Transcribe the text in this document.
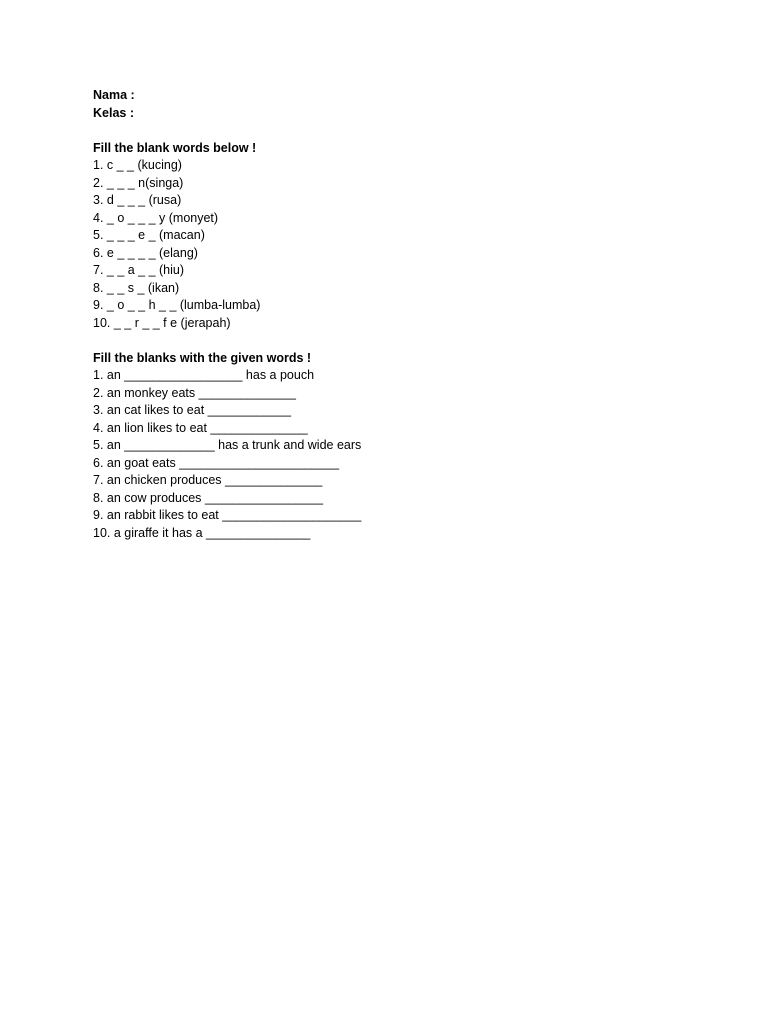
Nama :
Kelas :
Fill the blank words below !
1. c _ _ (kucing)
2. _ _ _ n(singa)
3. d _ _ _ (rusa)
4. _ o _ _ _ y (monyet)
5. _ _ _ e _ (macan)
6. e _ _ _ _ (elang)
7. _ _ a _ _ (hiu)
8. _ _ s _ (ikan)
9. _ o _ _ h _ _ (lumba-lumba)
10. _ _ r _ _ f e (jerapah)
Fill the blanks with the given words !
1. an _________________ has a pouch
2. an monkey eats ______________
3. an cat likes to eat ____________
4. an lion likes to eat ______________
5. an _____________ has a trunk and wide ears
6. an goat eats _______________________
7. an chicken produces ______________
8. an cow produces _________________
9. an rabbit likes to eat ____________________
10. a giraffe it has a _______________
